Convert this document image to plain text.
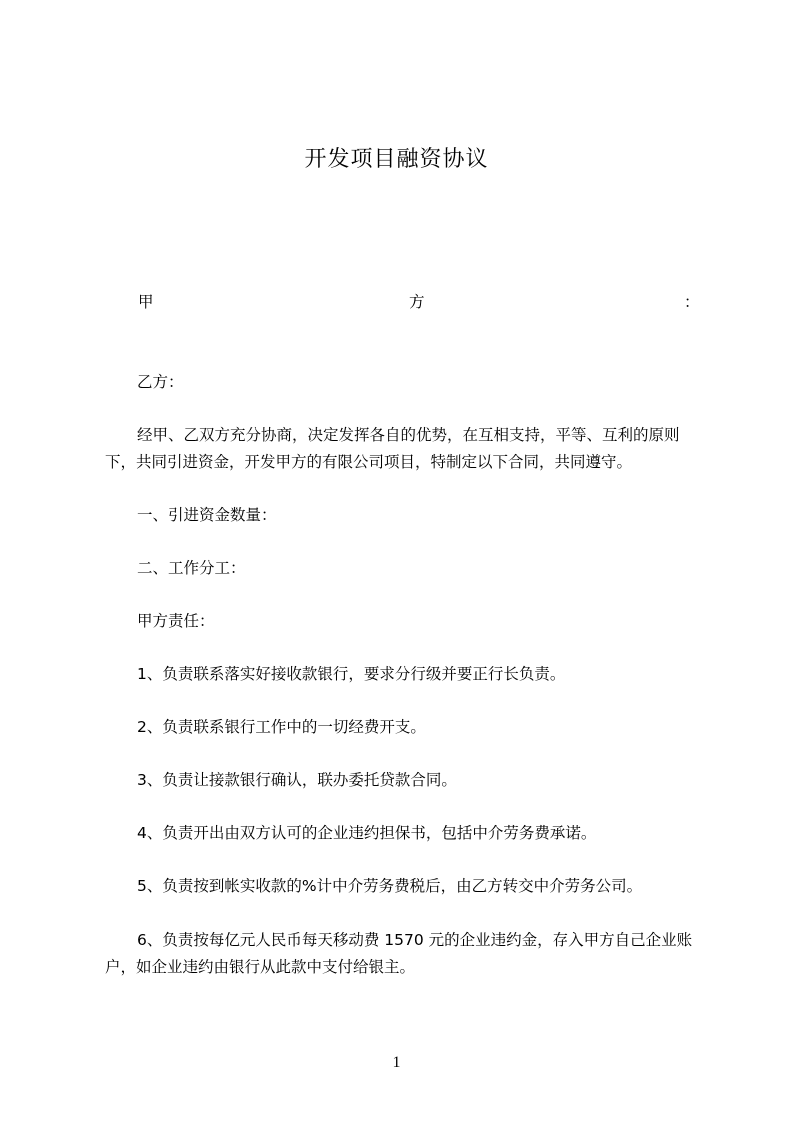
开发项目融资协议
甲	方	：
乙方：
经甲、乙双方充分协商，决定发挥各自的优势，在互相支持，平等、互利的原则下，共同引进资金，开发甲方的有限公司项目，特制定以下合同，共同遵守。
一、引进资金数量：
二、工作分工：
甲方责任：
1、负责联系落实好接收款银行，要求分行级并要正行长负责。
2、负责联系银行工作中的一切经费开支。
3、负责让接款银行确认，联办委托贷款合同。
4、负责开出由双方认可的企业违约担保书，包括中介劳务费承诺。
5、负责按到帐实收款的%计中介劳务费税后，由乙方转交中介劳务公司。
6、负责按每亿元人民币每天移动费 1570 元的企业违约金，存入甲方自己企业账户，如企业违约由银行从此款中支付给银主。
1
